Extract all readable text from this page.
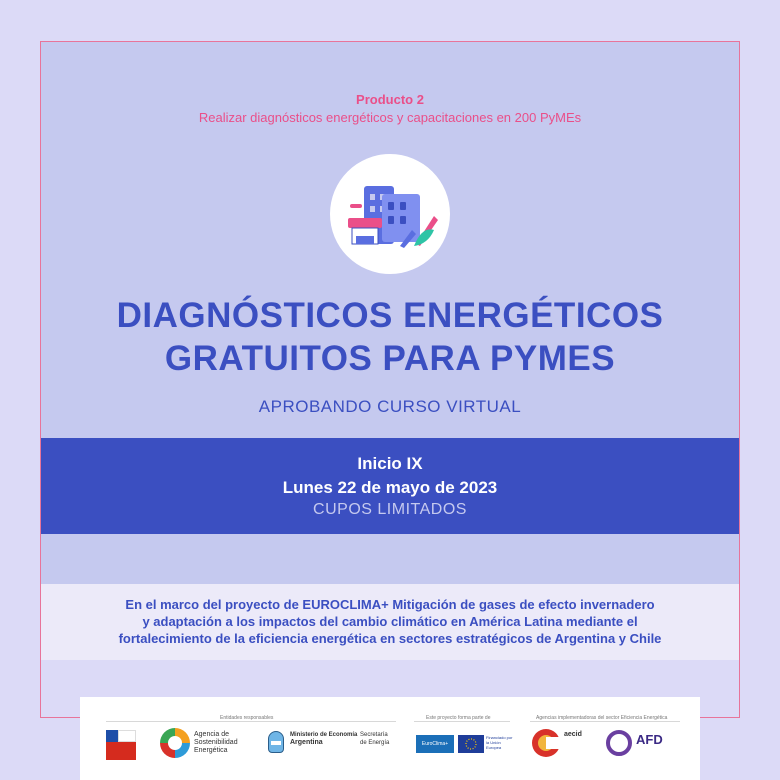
Producto 2
Realizar diagnósticos energéticos y capacitaciones en 200 PyMEs
DIAGNÓSTICOS ENERGÉTICOS
GRATUITOS PARA PYMES
APROBANDO CURSO VIRTUAL
Inicio IX
Lunes 22 de mayo de 2023
CUPOS LIMITADOS
En el marco del proyecto de EUROCLIMA+ Mitigación de gases de efecto invernadero
y adaptación a los impactos del cambio climático en América Latina mediante el
fortalecimiento de la eficiencia energética en sectores estratégicos de Argentina y Chile
Entidades responsables	Este proyecto forma parte de	Agencias implementadoras del sector Eficiencia Energética
Agencia de
Sostenibilidad
Energética
Ministerio de Economía
Argentina
Secretaría
de Energía	EuroClima+
Financiado por la Unión Europea
aecid	AFD
